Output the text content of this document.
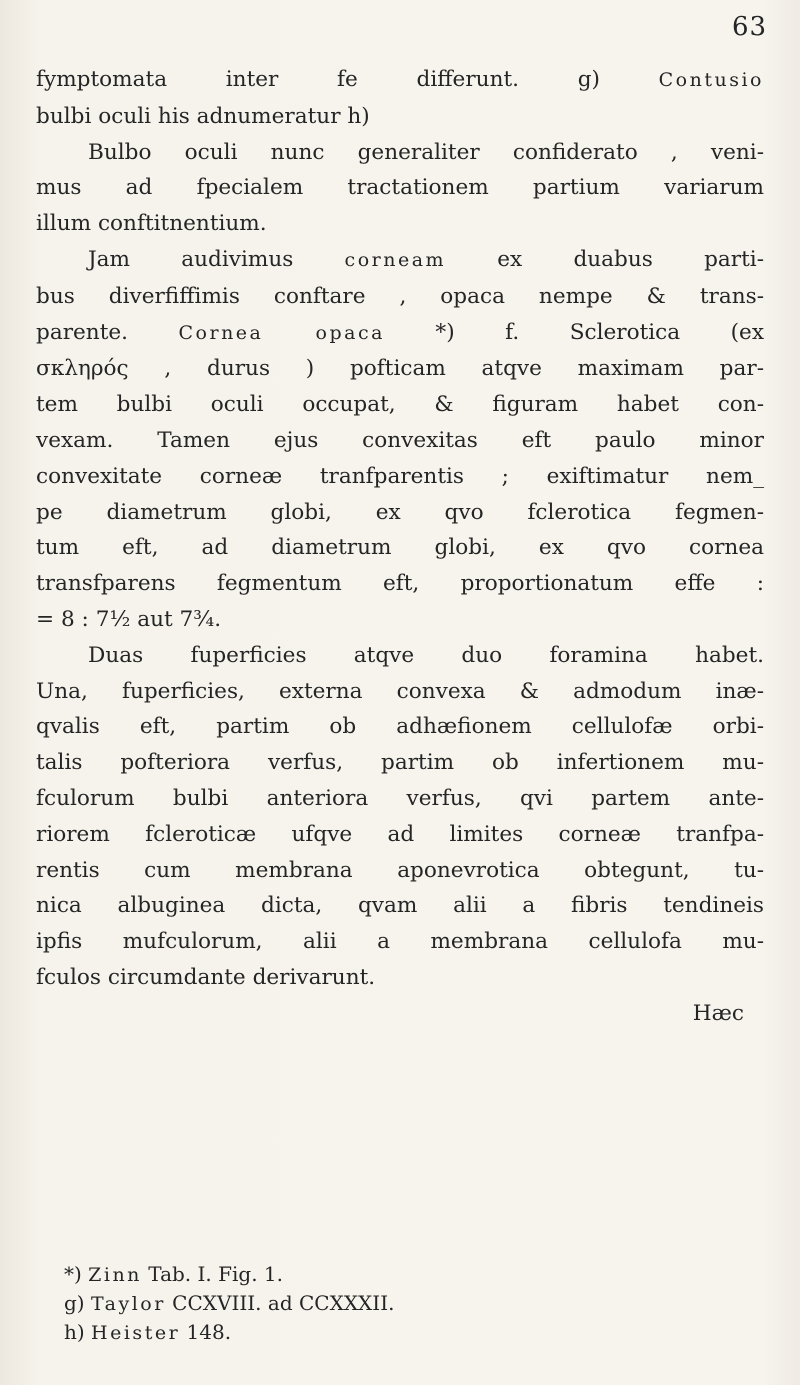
63
fymptomata inter fe differunt. g) Contusio
bulbi oculi his adnumeratur h)
Bulbo oculi nunc generaliter confiderato , veni-
mus ad fpecialem tractationem partium variarum
illum conftitnentium.
Jam audivimus corneam ex duabus parti-
bus diverfiffimis conftare , opaca nempe & trans-
parente. Cornea opaca *) f. Sclerotica (ex
σκληρός , durus ) pofticam atqve maximam par-
tem bulbi oculi occupat, & figuram habet con-
vexam. Tamen ejus convexitas eft paulo minor
convexitate corneæ tranfparentis ; exiftimatur nem_
pe diametrum globi, ex qvo fclerotica fegmen-
tum eft, ad diametrum globi, ex qvo cornea
transfparens fegmentum eft, proportionatum effe :
= 8 : 7½ aut 7¾.
Duas fuperficies atqve duo foramina habet.
Una, fuperficies, externa convexa & admodum inæ-
qvalis eft, partim ob adhæfionem cellulofæ orbi-
talis pofteriora verfus, partim ob infertionem mu-
fculorum bulbi anteriora verfus, qvi partem ante-
riorem fcleroticæ ufqve ad limites corneæ tranfpa-
rentis cum membrana aponevrotica obtegunt, tu-
nica albuginea dicta, qvam alii a fibris tendineis
ipfis mufculorum, alii a membrana cellulofa mu-
fculos circumdante derivarunt.
Hæc
*) Zinn Tab. I. Fig. 1.
g) Taylor CCXVIII. ad CCXXXII.
h) Heister 148.
